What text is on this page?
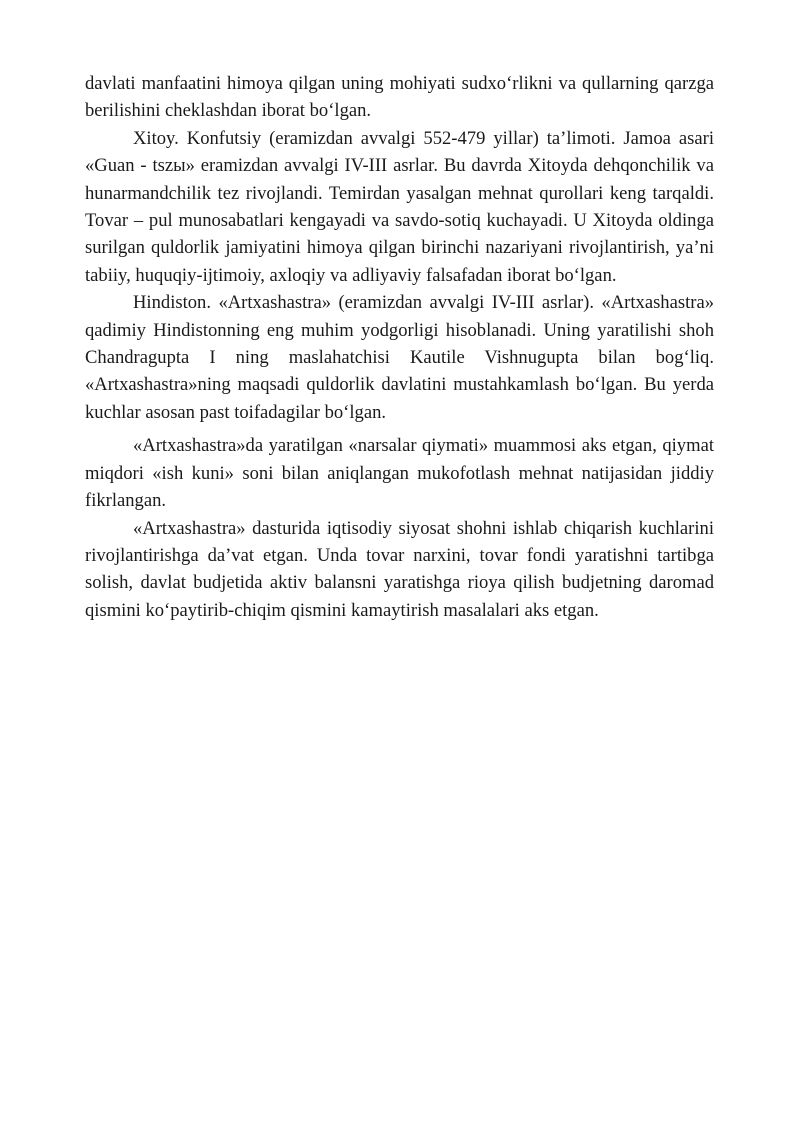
davlati manfaatini himoya qilgan uning mohiyati sudxo‘rlikni va qullarning qarzga berilishini cheklashdan iborat bo‘lgan.

Xitoy. Konfutsiy (eramizdan avvalgi 552-479 yillar) ta’limoti. Jamoa asari «Guan - tszы» eramizdan avvalgi IV-III asrlar. Bu davrda Xitoyda dehqonchilik va hunarmandchilik tez rivojlandi. Temirdan yasalgan mehnat qurollari keng tarqaldi. Tovar – pul munosabatlari kengayadi va savdo-sotiq kuchayadi. U Xitoyda oldinga surilgan quldorlik jamiyatini himoya qilgan birinchi nazariyani rivojlantirish, ya’ni tabiiy, huquqiy-ijtimoiy, axloqiy va adliyaviy falsafadan iborat bo‘lgan.

Hindiston. «Artxashastra» (eramizdan avvalgi IV-III asrlar). «Artxashastra» qadimiy Hindistonning eng muhim yodgorligi hisoblanadi. Uning yaratilishi shoh Chandragupta I ning maslahatchisi Kautile Vishnugupta bilan bog‘liq. «Artxashastra»ning maqsadi quldorlik davlatini mustahkamlash bo‘lgan. Bu yerda kuchlar asosan past toifadagilar bo‘lgan.

«Artxashastra»da yaratilgan «narsalar qiymati» muammosi aks etgan, qiymat miqdori «ish kuni» soni bilan aniqlangan mukofotlash mehnat natijasidan jiddiy fikrlangan.

«Artxashastra» dasturida iqtisodiy siyosat shohni ishlab chiqarish kuchlarini rivojlantirishga da’vat etgan. Unda tovar narxini, tovar fondi yaratishni tartibga solish, davlat budjetida aktiv balansni yaratishga rioya qilish budjetning daromad qismini ko‘paytirib-chiqim qismini kamaytirish masalalari aks etgan.
